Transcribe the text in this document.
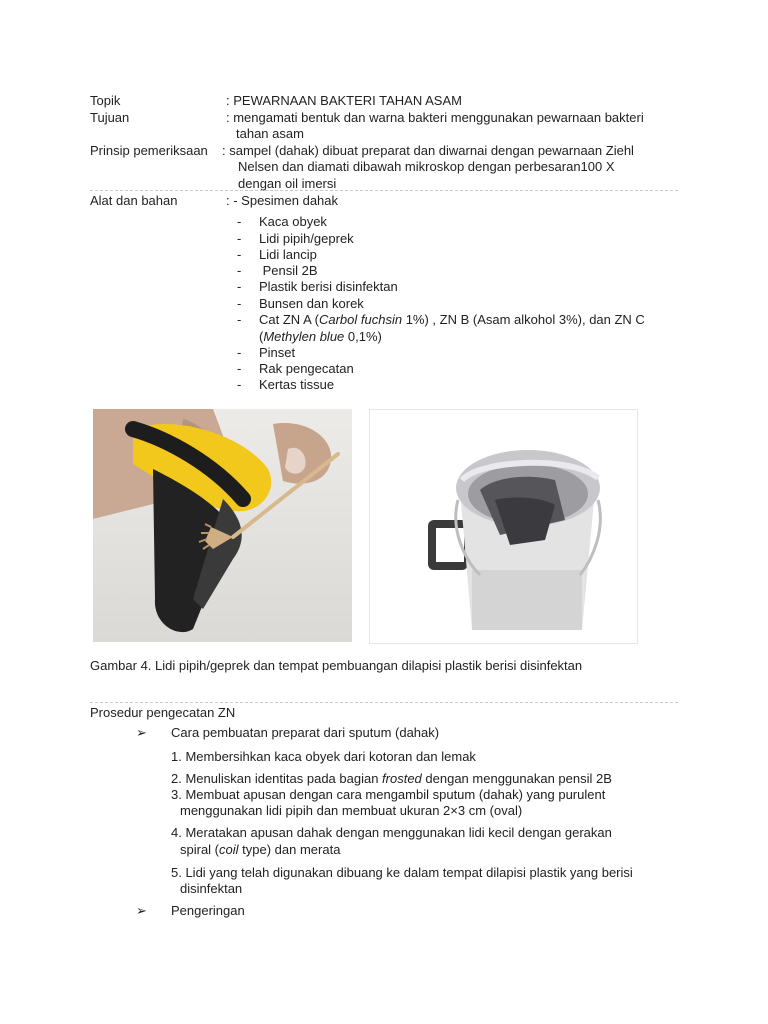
Topik	: PEWARNAAN BAKTERI TAHAN ASAM
Tujuan	: mengamati bentuk dan warna bakteri menggunakan pewarnaan bakteri
tahan asam
Prinsip pemeriksaan : sampel (dahak) dibuat preparat dan diwarnai dengan pewarnaan Ziehl
Nelsen dan diamati dibawah mikroskop dengan perbesaran100 X
dengan oil imersi
Alat dan bahan	: - Spesimen dahak
- Kaca obyek
- Lidi pipih/geprek
- Lidi lancip
- Pensil 2B
- Plastik berisi disinfektan
- Bunsen dan korek
- Cat ZN A (Carbol fuchsin 1%) , ZN B (Asam alkohol 3%), dan ZN C
(Methylen blue 0,1%)
- Pinset
- Rak pengecatan
- Kertas tissue
Gambar 4. Lidi pipih/geprek dan tempat pembuangan dilapisi plastik berisi disinfektan
Prosedur pengecatan ZN
➢ Cara pembuatan preparat dari sputum (dahak)
1. Membersihkan kaca obyek dari kotoran dan lemak
2. Menuliskan identitas pada bagian frosted dengan menggunakan pensil 2B
3. Membuat apusan dengan cara mengambil sputum (dahak) yang purulent
menggunakan lidi pipih dan membuat ukuran 2×3 cm (oval)
4. Meratakan apusan dahak dengan menggunakan lidi kecil dengan gerakan
spiral (coil type) dan merata
5. Lidi yang telah digunakan dibuang ke dalam tempat dilapisi plastik yang berisi
disinfektan
➢ Pengeringan
